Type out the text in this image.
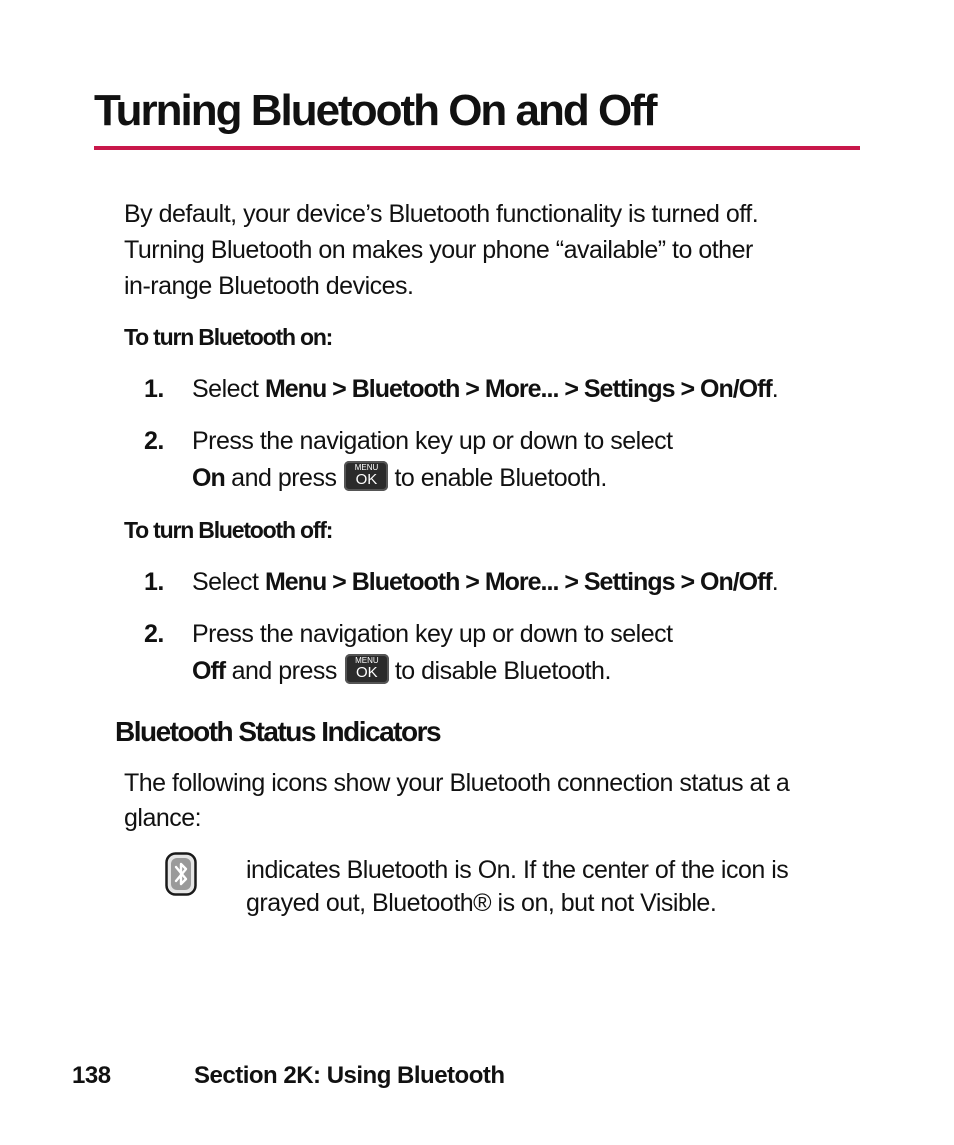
Turning Bluetooth On and Off

By default, your device’s Bluetooth functionality is turned off. Turning Bluetooth on makes your phone “available” to other in-range Bluetooth devices.

To turn Bluetooth on:

1. Select Menu > Bluetooth > More... > Settings > On/Off.
2. Press the navigation key up or down to select
On and press	MENU
OK to enable Bluetooth.

To turn Bluetooth off:

1. Select Menu > Bluetooth > More... > Settings > On/Off.
2. Press the navigation key up or down to select
Off and press	MENU
OK to disable Bluetooth.
Bluetooth Status Indicators

The following icons show your Bluetooth connection status at a glance:

indicates Bluetooth is On. If the center of the icon is grayed out, Bluetooth® is on, but not Visible.

138	Section 2K: Using Bluetooth
